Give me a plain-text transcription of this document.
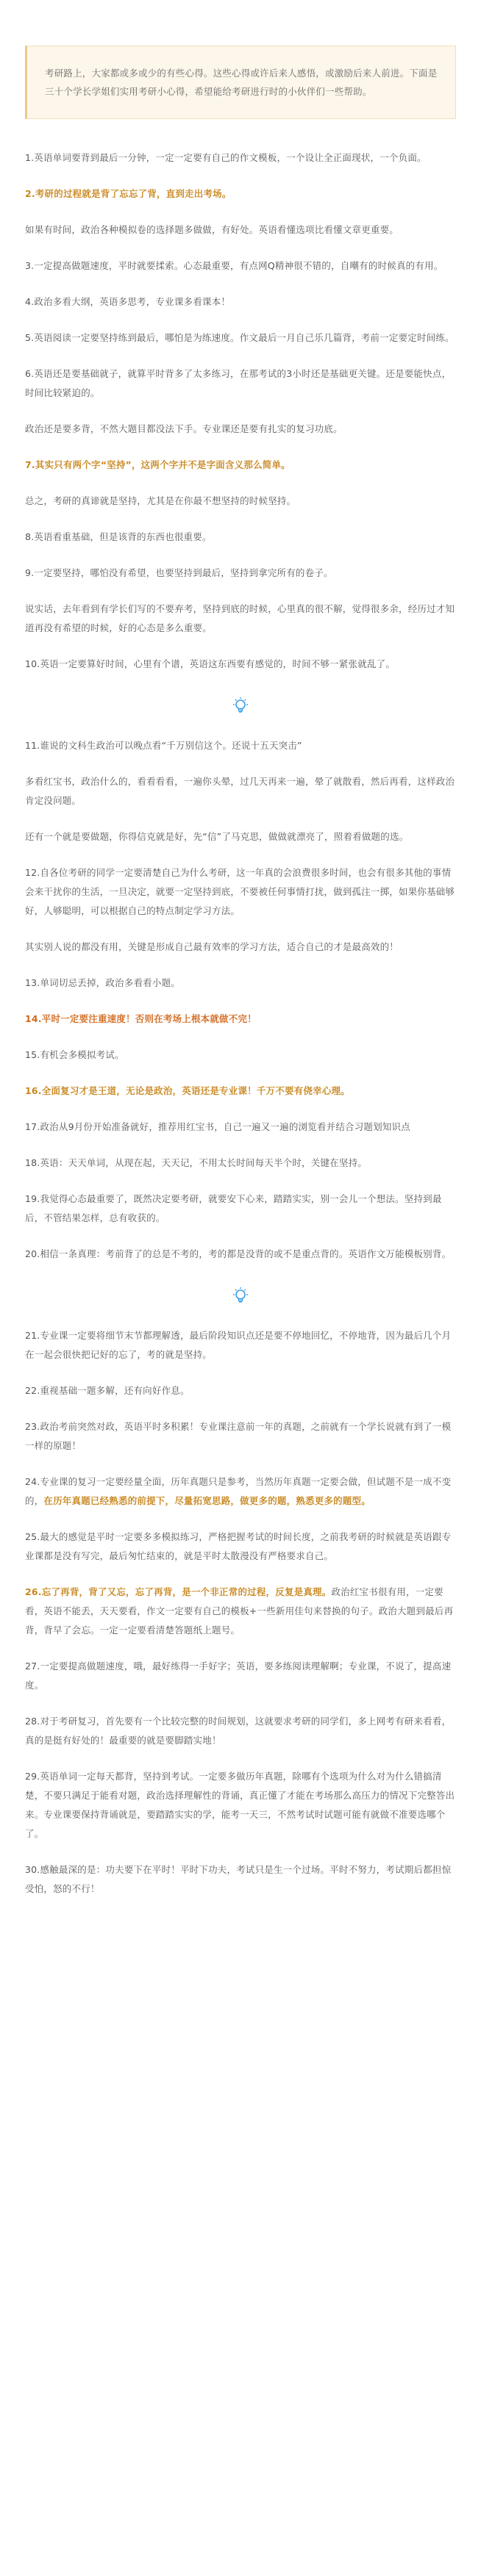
考研路上，大家都或多或少的有些心得。这些心得或许后来人感悟，或激励后来人前进。下面是三十个学长学姐们实用考研小心得，希望能给考研进行时的小伙伴们一些帮助。

1.英语单词要背到最后一分钟，一定一定要有自己的作文模板，一个设让全正面现状，一个负面。

2.考研的过程就是背了忘忘了背，直到走出考场。

如果有时间，政治各种模拟卷的选择题多做做，有好处。英语看懂选项比看懂文章更重要。

3.一定提高做题速度，平时就要揉索。心态最重要，有点网Q精神很不错的，自嘲有的时候真的有用。

4.政治多看大纲，英语多思考，专业课多看课本！

5.英语阅读一定要坚持练到最后，哪怕是为练速度。作文最后一月自己乐几篇背，考前一定要定时间练。

6.英语还是要基础就子，就算平时背多了太多练习，在那考试的3小时还是基础更关键。还是要能快点，时间比较紧迫的。

政治还是要多背，不然大题目都没法下手。专业课还是要有扎实的复习功底。

7.其实只有两个字“坚持”，这两个字并不是字面含义那么简单。

总之，考研的真谛就是坚持，尤其是在你最不想坚持的时候坚持。

8.英语看重基础，但是该背的东西也很重要。

9.一定要坚持，哪怕没有希望，也要坚持到最后，坚持到拿完所有的卷子。

说实话，去年看到有学长们写的不要弃考，坚持到底的时候，心里真的很不解，觉得很多余，经历过才知道再没有希望的时候，好的心态是多么重要。

10.英语一定要算好时间，心里有个谱，英语这东西要有感觉的，时间不够一紧张就乱了。

11.谁说的文科生政治可以晚点看“千万别信这个。还说十五天突击”

多看红宝书，政治什么的，看看看看，一遍你头晕，过几天再来一遍，晕了就散看，然后再看，这样政治肯定没问题。

还有一个就是要做题，你得信克就是好，先“信”了马克思，做做就漂亮了，照着看做题的选。

12.自各位考研的同学一定要清楚自己为什么考研，这一年真的会浪费很多时间，也会有很多其他的事情会来干扰你的生活，一旦决定，就要一定坚持到底，不要被任何事情打扰，做到孤注一掷，如果你基础够好，人够聪明，可以根据自己的特点制定学习方法。

其实别人说的都没有用，关键是形成自己最有效率的学习方法，适合自己的才是最高效的！

13.单词切忌丢掉，政治多看看小题。

14.平时一定要注重速度！否则在考场上根本就做不完！

15.有机会多模拟考试。

16.全面复习才是王道，无论是政治，英语还是专业课！千万不要有侥幸心理。

17.政治从9月份开始准备就好，推荐用红宝书，自己一遍又一遍的浏览看并结合习题划知识点

18.英语：天天单词，从现在起，天天记，不用太长时间每天半个时，关键在坚持。

19.我觉得心态最重要了，既然决定要考研，就要安下心来，踏踏实实，别一会儿一个想法。坚持到最后，不管结果怎样，总有收获的。

20.相信一条真理：考前背了的总是不考的，考的都是没背的或不是重点背的。英语作文万能模板别背。

21.专业课一定要将细节末节都理解透，最后阶段知识点还是要不停地回忆，不停地背，因为最后几个月在一起会很快把记好的忘了，考的就是坚持。

22.重视基础一题多解，还有向好作息。

23.政治考前突然对政，英语平时多积累！专业课注意前一年的真题，之前就有一个学长说就有到了一模一样的原题！

24.专业课的复习一定要经量全面，历年真题只是参考，当然历年真题一定要会做，但试题不是一成不变的，在历年真题已经熟悉的前提下，尽量拓宽思路，做更多的题，熟悉更多的题型。

25.最大的感觉是平时一定要多多模拟练习，严格把握考试的时间长度，之前我考研的时候就是英语跟专业课都是没有写完，最后匆忙结束的，就是平时太散漫没有严格要求自己。

26.忘了再背，背了又忘，忘了再背，是一个非正常的过程，反复是真理。政治红宝书很有用，一定要看，英语不能丢，天天要看，作文一定要有自己的模板+一些新用佳句来替换的句子。政治大题到最后再背，背早了会忘。一定一定要看清楚答题纸上题号。

27.一定要提高做题速度，哦，最好练得一手好字；英语，要多练阅读理解啊；专业课，不说了，提高速度。

28.对于考研复习，首先要有一个比较完整的时间规划，这就要求考研的同学们，多上网考有研来看看，真的是挺有好处的！最重要的就是要脚踏实地！

29.英语单词一定每天都背，坚持到考试。一定要多做历年真题，除哪有个选项为什么对为什么错搞清楚，不要只满足于能看对题，政治选择理解性的背诵，真正懂了才能在考场那么高压力的情况下完整答出来。专业课要保持背诵就是，要踏踏实实的学，能考一天三，不然考试时试题可能有就做不准要选哪个了。

30.感触最深的是：功夫要下在平时！平时下功夫，考试只是生一个过场。平时不努力，考试期后都担惊受怕，怒的不行！
